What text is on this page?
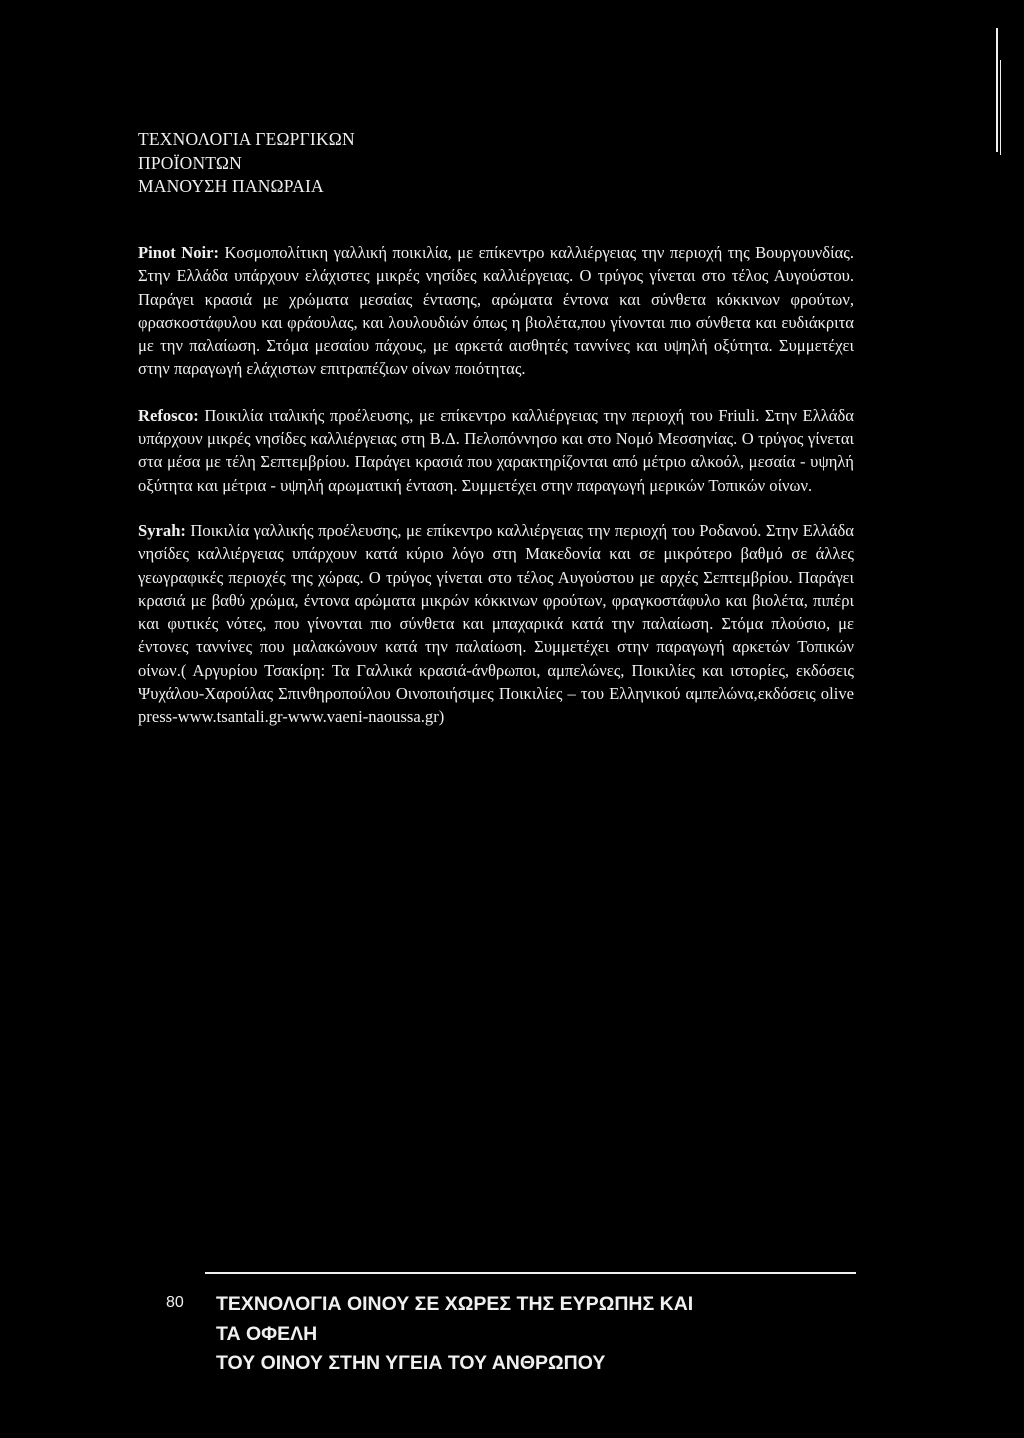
ΤΕΧΝΟΛΟΓΙΑ ΓΕΩΡΓΙΚΩΝ
ΠΡΟΪΟΝΤΩΝ
ΜΑΝΟΥΣΗ ΠΑΝΩΡΑΙΑ

Pinot Noir: Κοσμοπολίτικη γαλλική ποικιλία, με επίκεντρο καλλιέργειας την περιοχή της Βουργουνδίας. Στην Ελλάδα υπάρχουν ελάχιστες μικρές νησίδες καλλιέργειας. Ο τρύγος γίνεται στο τέλος Αυγούστου. Παράγει κρασιά με χρώματα μεσαίας έντασης, αρώματα έντονα και σύνθετα κόκκινων φρούτων, φρασκοστάφυλου και φράουλας, και λουλουδιών όπως η βιολέτα,που γίνονται πιο σύνθετα και ευδιάκριτα με την παλαίωση. Στόμα μεσαίου πάχους, με αρκετά αισθητές ταννίνες και υψηλή οξύτητα. Συμμετέχει στην παραγωγή ελάχιστων επιτραπέζιων οίνων ποιότητας.

Refosco: Ποικιλία ιταλικής προέλευσης, με επίκεντρο καλλιέργειας την περιοχή του Friuli. Στην Ελλάδα υπάρχουν μικρές νησίδες καλλιέργειας στη Β.Δ. Πελοπόννησο και στο Νομό Μεσσηνίας. Ο τρύγος γίνεται στα μέσα με τέλη Σεπτεμβρίου. Παράγει κρασιά που χαρακτηρίζονται από μέτριο αλκοόλ, μεσαία - υψηλή οξύτητα και μέτρια - υψηλή αρωματική ένταση. Συμμετέχει στην παραγωγή μερικών Τοπικών οίνων.

Syrah: Ποικιλία γαλλικής προέλευσης, με επίκεντρο καλλιέργειας την περιοχή του Ροδανού. Στην Ελλάδα νησίδες καλλιέργειας υπάρχουν κατά κύριο λόγο στη Μακεδονία και σε μικρότερο βαθμό σε άλλες γεωγραφικές περιοχές της χώρας. Ο τρύγος γίνεται στο τέλος Αυγούστου με αρχές Σεπτεμβρίου. Παράγει κρασιά με βαθύ χρώμα, έντονα αρώματα μικρών κόκκινων φρούτων, φραγκοστάφυλο και βιολέτα, πιπέρι και φυτικές νότες, που γίνονται πιο σύνθετα και μπαχαρικά κατά την παλαίωση. Στόμα πλούσιο, με έντονες ταννίνες που μαλακώνουν κατά την παλαίωση. Συμμετέχει στην παραγωγή αρκετών Τοπικών οίνων.( Αργυρίου Τσακίρη: Τα Γαλλικά κρασιά-άνθρωποι, αμπελώνες, Ποικιλίες και ιστορίες, εκδόσεις Ψυχάλου-Χαρούλας Σπινθηροπούλου Οινοποιήσιμες Ποικιλίες – του Ελληνικού αμπελώνα,εκδόσεις olive press-www.tsantali.gr-www.vaeni-naoussa.gr)

80 ΤΕΧΝΟΛΟΓΙΑ ΟΙΝΟΥ ΣΕ ΧΩΡΕΣ ΤΗΣ ΕΥΡΩΠΗΣ ΚΑΙ
ΤΑ ΟΦΕΛΗ
ΤΟΥ ΟΙΝΟΥ ΣΤΗΝ ΥΓΕΙΑ ΤΟΥ ΑΝΘΡΩΠΟΥ
